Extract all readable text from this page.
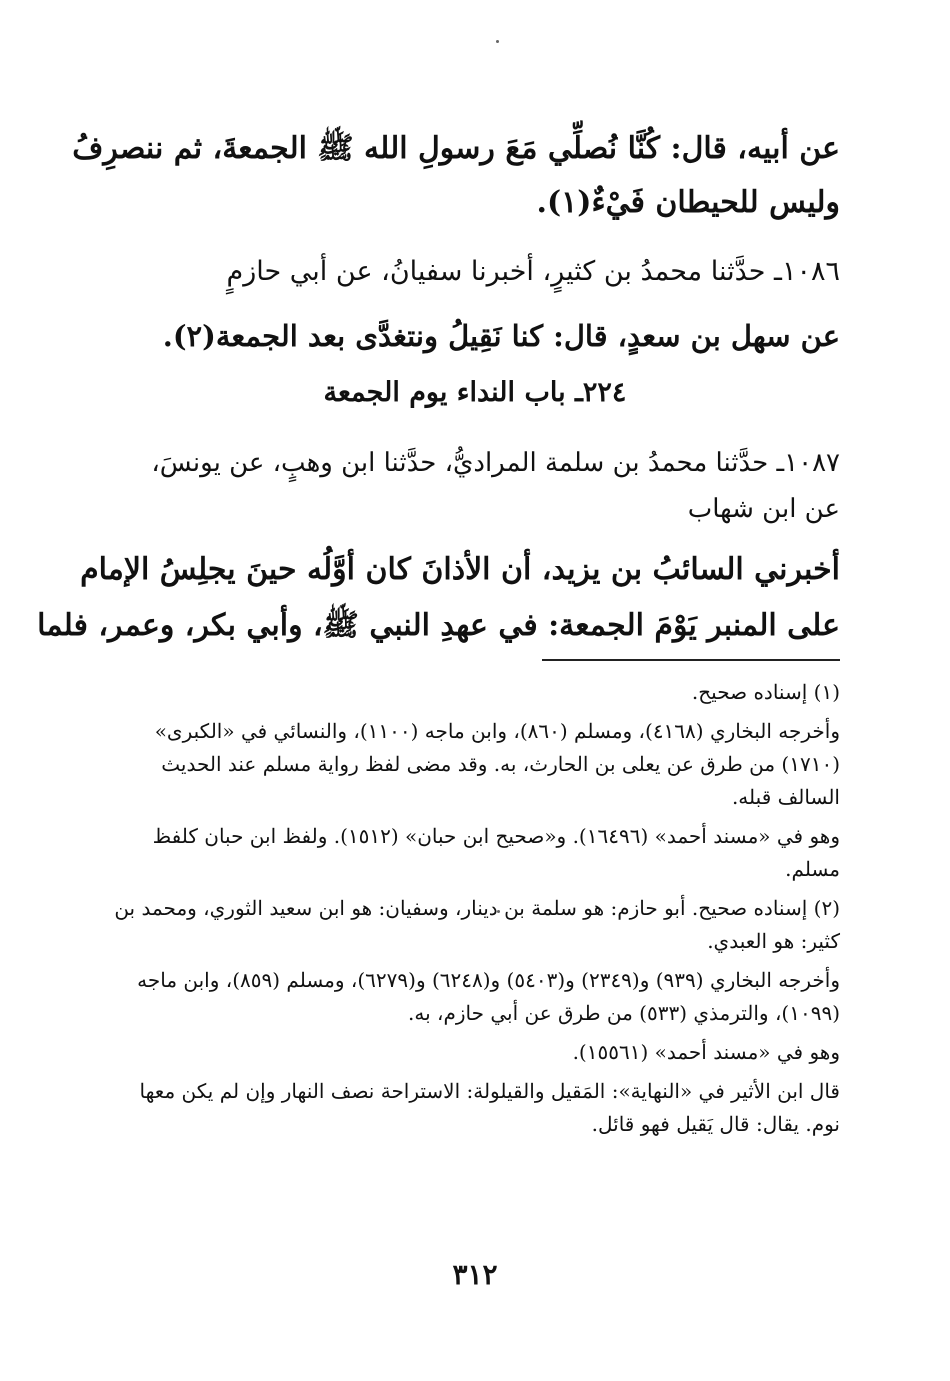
عن أبيه، قال: كُنَّا نُصلِّي مَعَ رسولِ الله ﷺ الجمعةَ، ثم ننصرِفُ
وليس للحيطان فَيْءٌ(١).
١٠٨٦ـ حدَّثنا محمدُ بن كثيرٍ، أخبرنا سفيانُ، عن أبي حازمٍ
عن سهل بن سعدٍ، قال: كنا نَقِيلُ ونتغدَّى بعد الجمعة(٢).
٢٢٤ـ باب النداء يوم الجمعة
١٠٨٧ـ حدَّثنا محمدُ بن سلمة المراديُّ، حدَّثنا ابن وهبٍ، عن يونسَ،
عن ابن شهاب
أخبرني السائبُ بن يزيد، أن الأذانَ كان أوَّلُه حينَ يجلِسُ الإمام
على المنبر يَوْمَ الجمعة: في عهدِ النبي ﷺ، وأبي بكر، وعمر، فلما

(١) إسناده صحيح.

وأخرجه البخاري (٤١٦٨)، ومسلم (٨٦٠)، وابن ماجه (١١٠٠)، والنسائي في «الكبرى» (١٧١٠) من طرق عن يعلى بن الحارث، به. وقد مضى لفظ رواية مسلم عند الحديث السالف قبله.

وهو في «مسند أحمد» (١٦٤٩٦). و«صحيح ابن حبان» (١٥١٢). ولفظ ابن حبان كلفظ مسلم.

(٢) إسناده صحيح. أبو حازم: هو سلمة بن دينار، وسفيان: هو ابن سعيد الثوري، ومحمد بن كثير: هو العبدي.

وأخرجه البخاري (٩٣٩) و(٢٣٤٩) و(٥٤٠٣) و(٦٢٤٨) و(٦٢٧٩)، ومسلم (٨٥٩)، وابن ماجه (١٠٩٩)، والترمذي (٥٣٣) من طرق عن أبي حازم، به.

وهو في «مسند أحمد» (١٥٥٦١).

قال ابن الأثير في «النهاية»: المَقيل والقيلولة: الاستراحة نصف النهار وإن لم يكن معها نوم. يقال: قال يَقيل فهو قائل.

٣١٢
